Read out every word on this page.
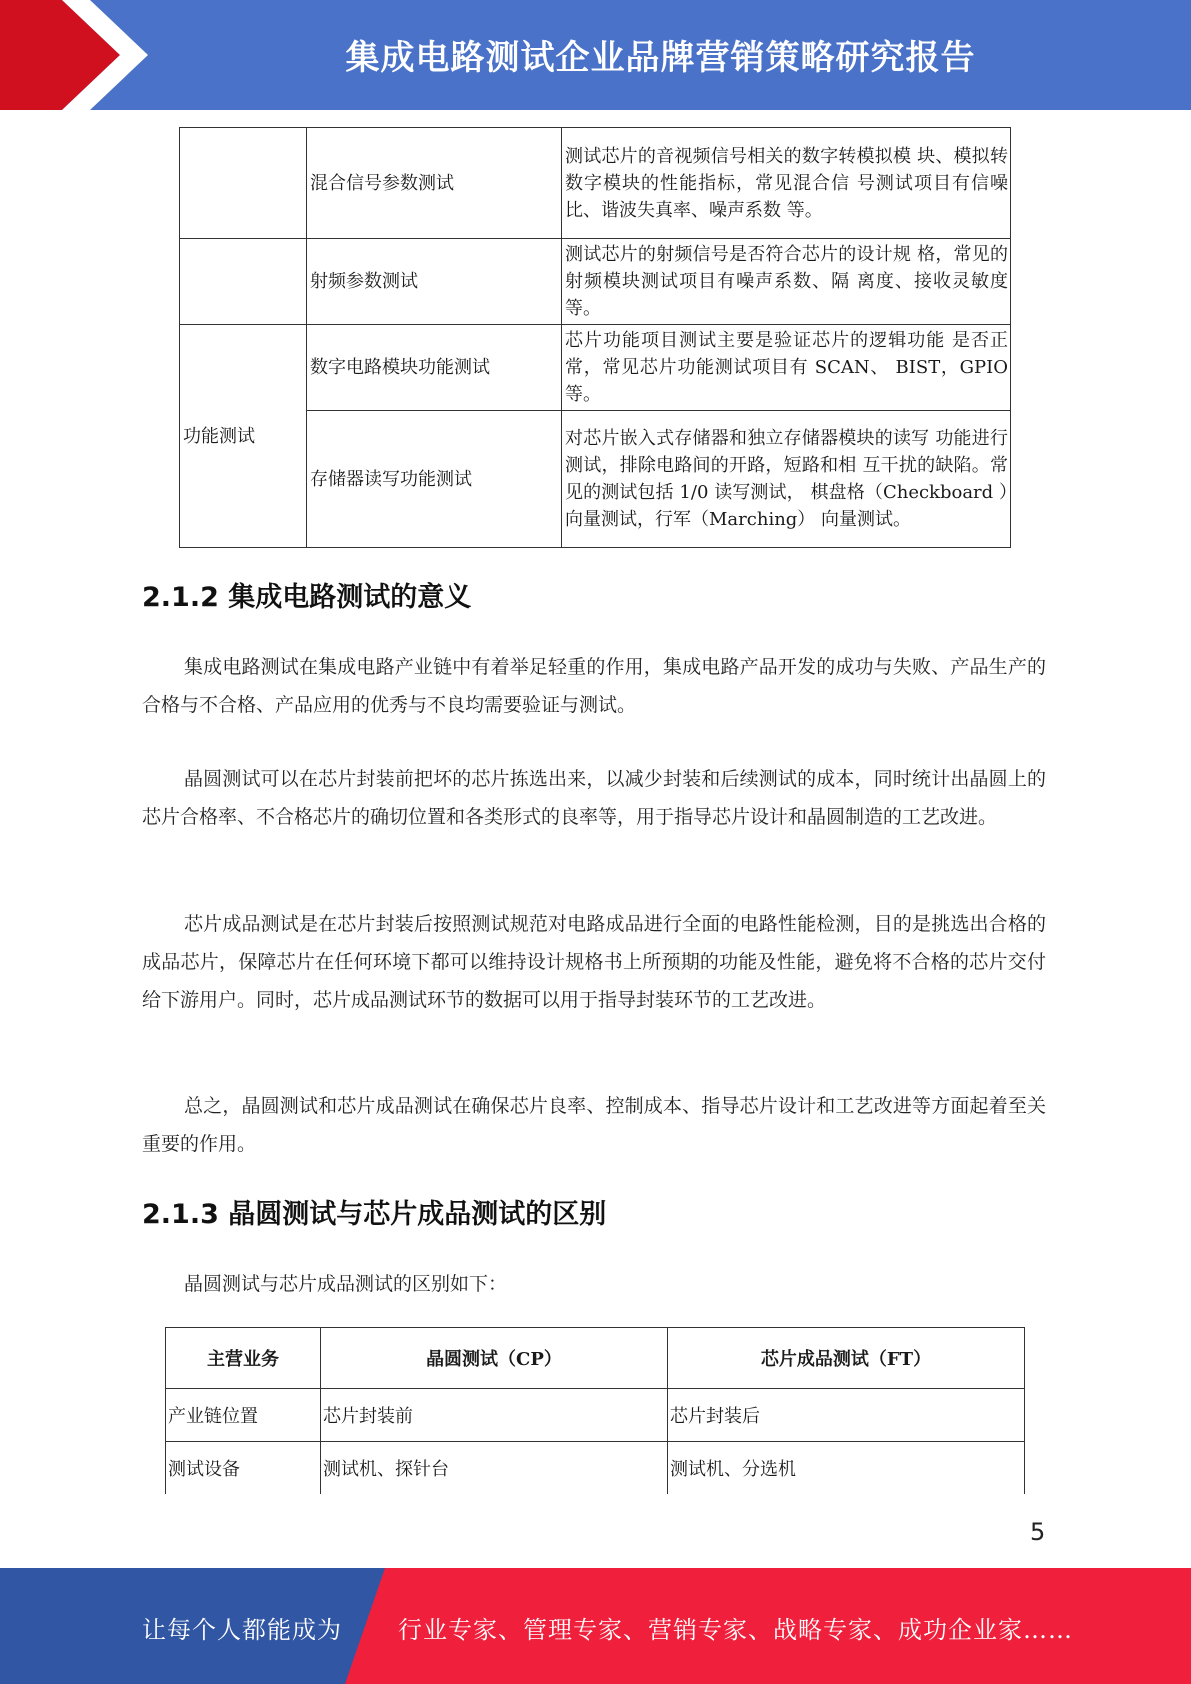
集成电路测试企业品牌营销策略研究报告
	混合信号参数测试	测试芯片的音视频信号相关的数字转模拟模 块、模拟转数字模块的性能指标，常见混合信 号测试项目有信噪比、谐波失真率、噪声系数 等。
	射频参数测试	测试芯片的射频信号是否符合芯片的设计规 格，常见的射频模块测试项目有噪声系数、隔 离度、接收灵敏度等。
功能测试	数字电路模块功能测试	芯片功能项目测试主要是验证芯片的逻辑功能 是否正常，常见芯片功能测试项目有 SCAN、 BIST，GPIO 等。
	存储器读写功能测试	对芯片嵌入式存储器和独立存储器模块的读写 功能进行测试，排除电路间的开路，短路和相 互干扰的缺陷。常见的测试包括 1/0 读写测试， 棋盘格（Checkboard ）向量测试，行军（Marching） 向量测试。
2.1.2 集成电路测试的意义

集成电路测试在集成电路产业链中有着举足轻重的作用，集成电路产品开发的成功与失败、产品生产的合格与不合格、产品应用的优秀与不良均需要验证与测试。

晶圆测试可以在芯片封装前把坏的芯片拣选出来，以减少封装和后续测试的成本，同时统计出晶圆上的芯片合格率、不合格芯片的确切位置和各类形式的良率等，用于指导芯片设计和晶圆制造的工艺改进。

芯片成品测试是在芯片封装后按照测试规范对电路成品进行全面的电路性能检测，目的是挑选出合格的成品芯片，保障芯片在任何环境下都可以维持设计规格书上所预期的功能及性能，避免将不合格的芯片交付给下游用户。同时，芯片成品测试环节的数据可以用于指导封装环节的工艺改进。

总之，晶圆测试和芯片成品测试在确保芯片良率、控制成本、指导芯片设计和工艺改进等方面起着至关重要的作用。

2.1.3 晶圆测试与芯片成品测试的区别

晶圆测试与芯片成品测试的区别如下：

主营业务	晶圆测试（CP）	芯片成品测试（FT）
产业链位置	芯片封装前	芯片封装后
测试设备	测试机、探针台	测试机、分选机
5
让每个人都能成为 行业专家、管理专家、营销专家、战略专家、成功企业家……
